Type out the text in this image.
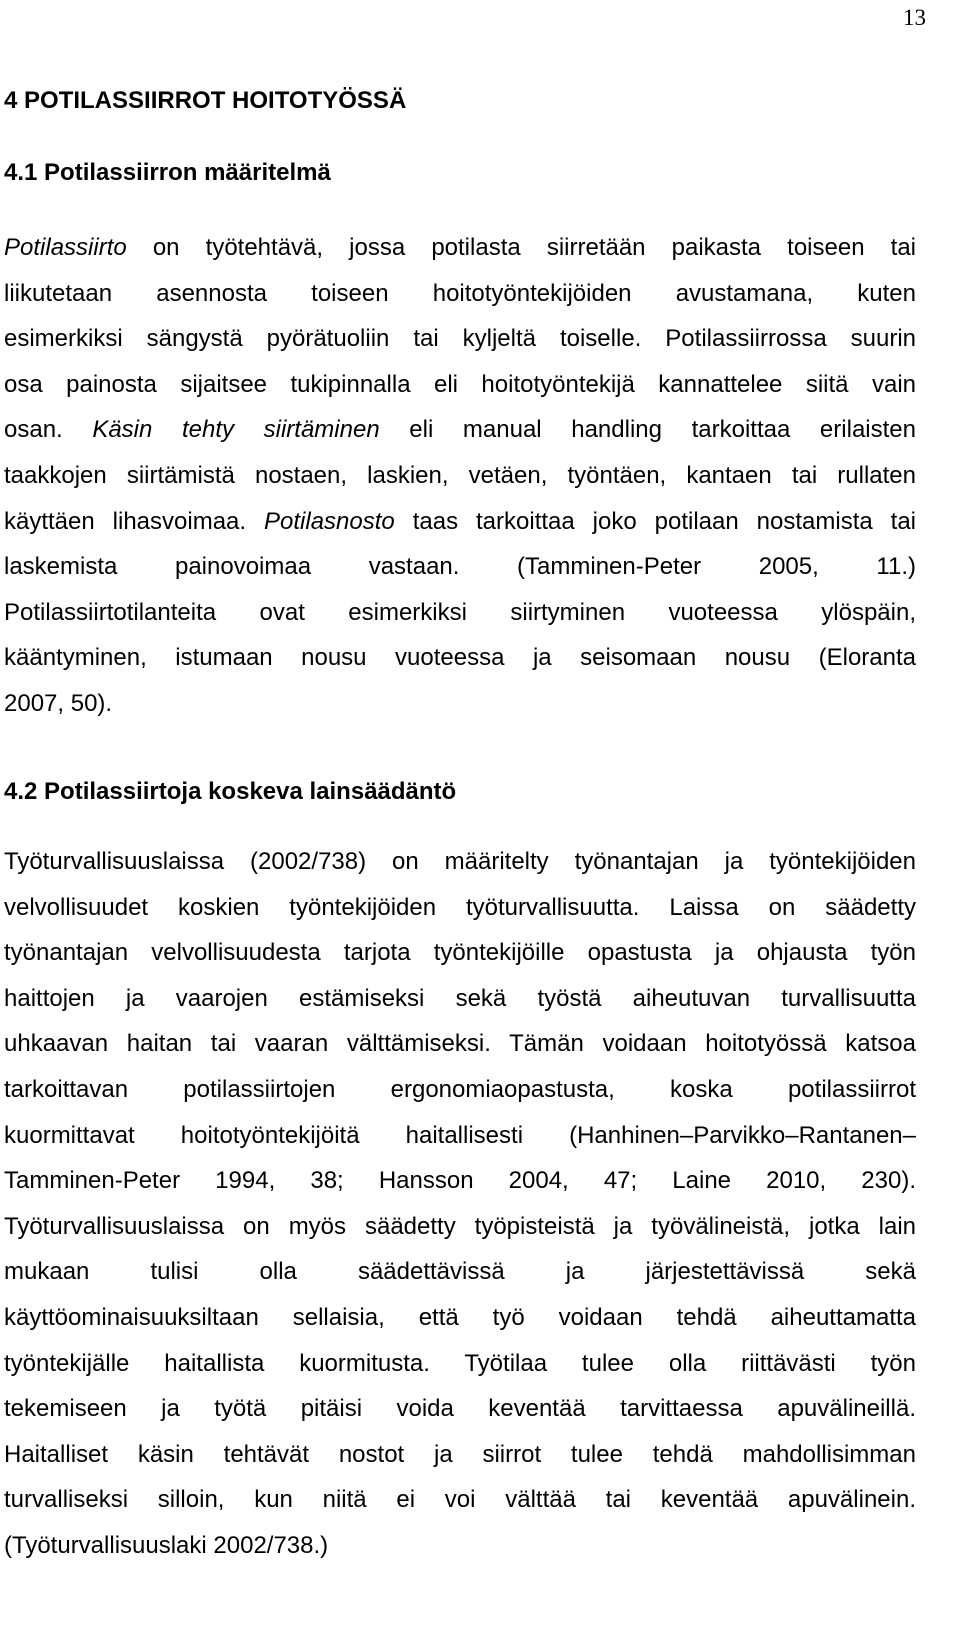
13
4 POTILASSIIRROT HOITOTYÖSSÄ
4.1 Potilassiirron määritelmä
Potilassiirto on työtehtävä, jossa potilasta siirretään paikasta toiseen tai
liikutetaan asennosta toiseen hoitotyöntekijöiden avustamana, kuten
esimerkiksi sängystä pyörätuoliin tai kyljeltä toiselle. Potilassiirrossa suurin
osa painosta sijaitsee tukipinnalla eli hoitotyöntekijä kannattelee siitä vain
osan. Käsin tehty siirtäminen eli manual handling tarkoittaa erilaisten
taakkojen siirtämistä nostaen, laskien, vetäen, työntäen, kantaen tai rullaten
käyttäen lihasvoimaa. Potilasnosto taas tarkoittaa joko potilaan nostamista tai
laskemista painovoimaa vastaan. (Tamminen-Peter 2005, 11.)
Potilassiirtotilanteita ovat esimerkiksi siirtyminen vuoteessa ylöspäin,
kääntyminen, istumaan nousu vuoteessa ja seisomaan nousu (Eloranta
2007, 50).
4.2 Potilassiirtoja koskeva lainsäädäntö
Työturvallisuuslaissa (2002/738) on määritelty työnantajan ja työntekijöiden
velvollisuudet koskien työntekijöiden työturvallisuutta. Laissa on säädetty
työnantajan velvollisuudesta tarjota työntekijöille opastusta ja ohjausta työn
haittojen ja vaarojen estämiseksi sekä työstä aiheutuvan turvallisuutta
uhkaavan haitan tai vaaran välttämiseksi. Tämän voidaan hoitotyössä katsoa
tarkoittavan potilassiirtojen ergonomiaopastusta, koska potilassiirrot
kuormittavat hoitotyöntekijöitä haitallisesti (Hanhinen–Parvikko–Rantanen–
Tamminen-Peter 1994, 38; Hansson 2004, 47; Laine 2010, 230).
Työturvallisuuslaissa on myös säädetty työpisteistä ja työvälineistä, jotka lain
mukaan tulisi olla säädettävissä ja järjestettävissä sekä
käyttöominaisuuksiltaan sellaisia, että työ voidaan tehdä aiheuttamatta
työntekijälle haitallista kuormitusta. Työtilaa tulee olla riittävästi työn
tekemiseen ja työtä pitäisi voida keventää tarvittaessa apuvälineillä.
Haitalliset käsin tehtävät nostot ja siirrot tulee tehdä mahdollisimman
turvalliseksi silloin, kun niitä ei voi välttää tai keventää apuvälinein.
(Työturvallisuuslaki 2002/738.)
